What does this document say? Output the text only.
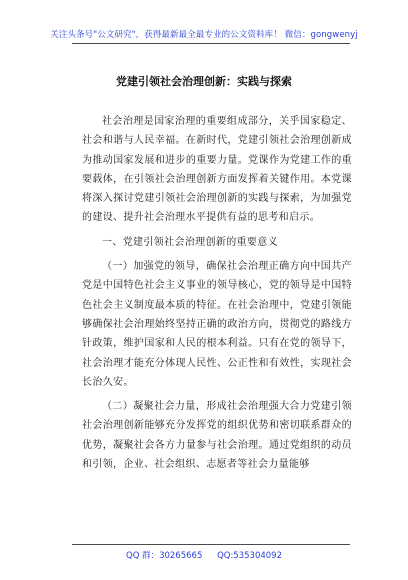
关注头条号"公文研究"，获得最新最全最专业的公文资料库！ 微信：gongwenyj
党建引领社会治理创新：实践与探索

社会治理是国家治理的重要组成部分，关乎国家稳定、社会和谐与人民幸福。在新时代，党建引领社会治理创新成为推动国家发展和进步的重要力量。党课作为党建工作的重要载体，在引领社会治理创新方面发挥着关键作用。本党课将深入探讨党建引领社会治理创新的实践与探索，为加强党的建设、提升社会治理水平提供有益的思考和启示。

一、党建引领社会治理创新的重要意义

（一）加强党的领导，确保社会治理正确方向中国共产党是中国特色社会主义事业的领导核心，党的领导是中国特色社会主义制度最本质的特征。在社会治理中，党建引领能够确保社会治理始终坚持正确的政治方向，贯彻党的路线方针政策，维护国家和人民的根本利益。只有在党的领导下，社会治理才能充分体现人民性、公正性和有效性，实现社会长治久安。

（二）凝聚社会力量，形成社会治理强大合力党建引领社会治理创新能够充分发挥党的组织优势和密切联系群众的优势，凝聚社会各方力量参与社会治理。通过党组织的动员和引领，企业、社会组织、志愿者等社会力量能够

QQ 群：30265665 QQ:535304092
